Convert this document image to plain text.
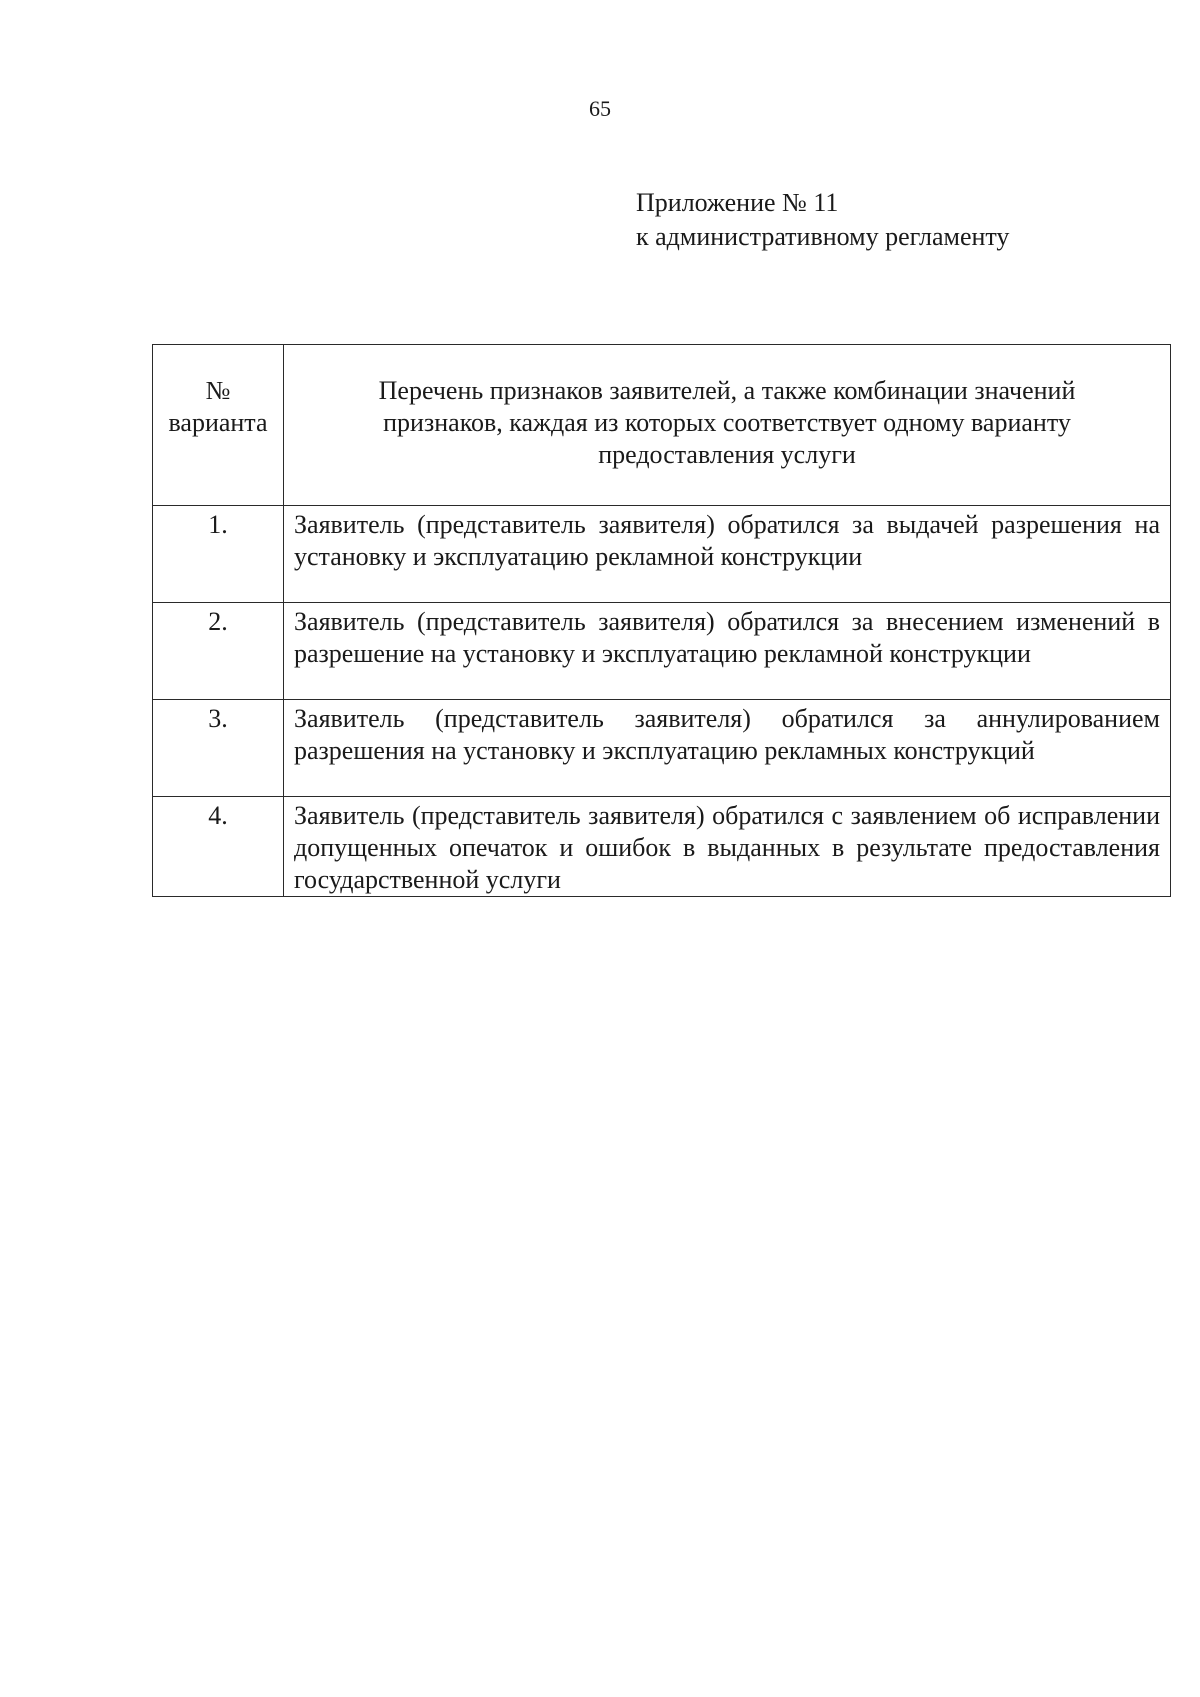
65
Приложение № 11
к административному регламенту
№
варианта	Перечень признаков заявителей, а также комбинации значений
признаков, каждая из которых соответствует одному варианту
предоставления услуги

1.	Заявитель (представитель заявителя) обратился за выдачей разрешения на установку и эксплуатацию рекламной конструкции
2.	Заявитель (представитель заявителя) обратился за внесением изменений в разрешение на установку и эксплуатацию рекламной конструкции
3.	Заявитель (представитель заявителя) обратился за аннулированием разрешения на установку и эксплуатацию рекламных конструкций
4.	Заявитель (представитель заявителя) обратился с заявлением об исправлении допущенных опечаток и ошибок в выданных в результате предоставления государственной услуги
